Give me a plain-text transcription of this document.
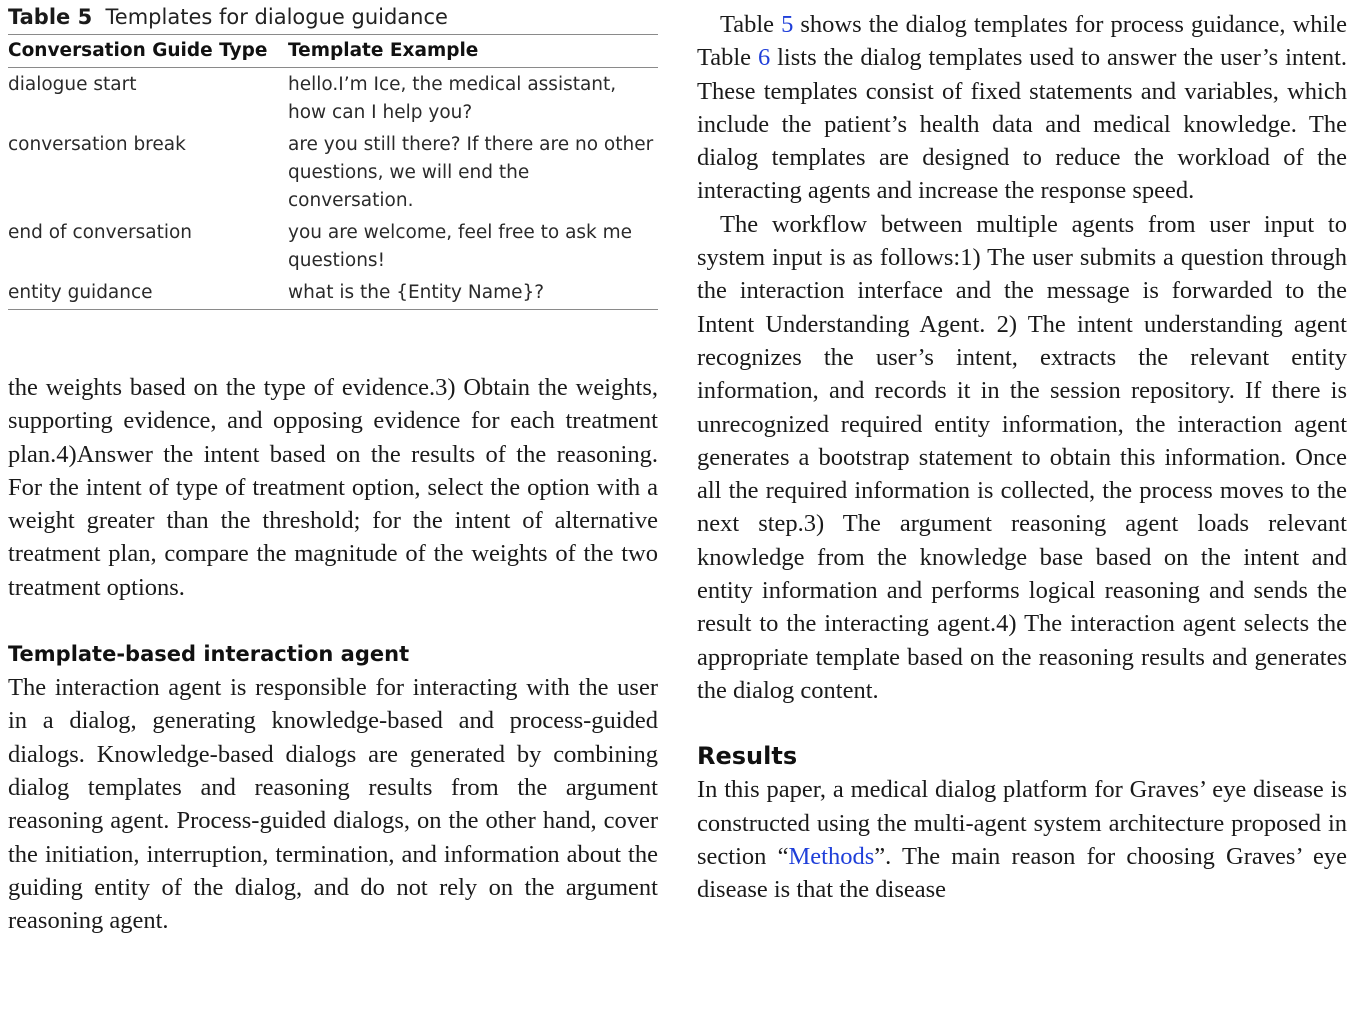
Table 5 Templates for dialogue guidance
Conversation Guide Type	Template Example
dialogue start	hello.I’m Ice, the medical assistant, how can I help you?
conversation break	are you still there? If there are no other questions, we will end the conversation.
end of conversation	you are welcome, feel free to ask me questions!
entity guidance	what is the {Entity Name}?

the weights based on the type of evidence.3) Obtain the weights, supporting evidence, and opposing evidence for each treatment plan.4)Answer the intent based on the results of the reasoning. For the intent of type of treatment option, select the option with a weight greater than the threshold; for the intent of alternative treatment plan, compare the magnitude of the weights of the two treatment options.

Template-based interaction agent

The interaction agent is responsible for interacting with the user in a dialog, generating knowledge-based and process-guided dialogs. Knowledge-based dialogs are generated by combining dialog templates and reasoning results from the argument reasoning agent. Process-guided dialogs, on the other hand, cover the initiation, interruption, termination, and information about the guiding entity of the dialog, and do not rely on the argument reasoning agent.

Table 5 shows the dialog templates for process guidance, while Table 6 lists the dialog templates used to answer the user’s intent. These templates consist of fixed statements and variables, which include the patient’s health data and medical knowledge. The dialog templates are designed to reduce the workload of the interacting agents and increase the response speed.

The workflow between multiple agents from user input to system input is as follows:1) The user submits a question through the interaction interface and the message is forwarded to the Intent Understanding Agent. 2) The intent understanding agent recognizes the user’s intent, extracts the relevant entity information, and records it in the session repository. If there is unrecognized required entity information, the interaction agent generates a bootstrap statement to obtain this information. Once all the required information is collected, the process moves to the next step.3) The argument reasoning agent loads relevant knowledge from the knowledge base based on the intent and entity information and performs logical reasoning and sends the result to the interacting agent.4) The interaction agent selects the appropriate template based on the reasoning results and generates the dialog content.

Results

In this paper, a medical dialog platform for Graves’ eye disease is constructed using the multi-agent system architecture proposed in section “Methods”. The main reason for choosing Graves’ eye disease is that the disease
